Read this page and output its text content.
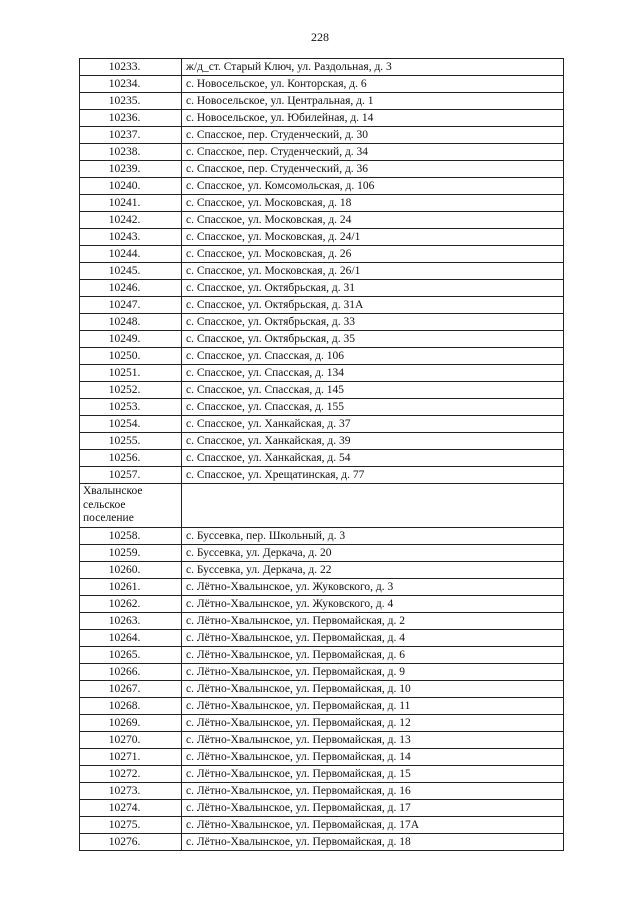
228
10233.	ж/д_ст. Старый Ключ, ул. Раздольная, д. 3
10234.	с. Новосельское, ул. Конторская, д. 6
10235.	с. Новосельское, ул. Центральная, д. 1
10236.	с. Новосельское, ул. Юбилейная, д. 14
10237.	с. Спасское, пер. Студенческий, д. 30
10238.	с. Спасское, пер. Студенческий, д. 34
10239.	с. Спасское, пер. Студенческий, д. 36
10240.	с. Спасское, ул. Комсомольская, д. 106
10241.	с. Спасское, ул. Московская, д. 18
10242.	с. Спасское, ул. Московская, д. 24
10243.	с. Спасское, ул. Московская, д. 24/1
10244.	с. Спасское, ул. Московская, д. 26
10245.	с. Спасское, ул. Московская, д. 26/1
10246.	с. Спасское, ул. Октябрьская, д. 31
10247.	с. Спасское, ул. Октябрьская, д. 31А
10248.	с. Спасское, ул. Октябрьская, д. 33
10249.	с. Спасское, ул. Октябрьская, д. 35
10250.	с. Спасское, ул. Спасская, д. 106
10251.	с. Спасское, ул. Спасская, д. 134
10252.	с. Спасское, ул. Спасская, д. 145
10253.	с. Спасское, ул. Спасская, д. 155
10254.	с. Спасское, ул. Ханкайская, д. 37
10255.	с. Спасское, ул. Ханкайская, д. 39
10256.	с. Спасское, ул. Ханкайская, д. 54
10257.	с. Спасское, ул. Хрещатинская, д. 77
Хвалынское сельское поселение	
10258.	с. Буссевка, пер. Школьный, д. 3
10259.	с. Буссевка, ул. Деркача, д. 20
10260.	с. Буссевка, ул. Деркача, д. 22
10261.	с. Лётно-Хвалынское, ул. Жуковского, д. 3
10262.	с. Лётно-Хвалынское, ул. Жуковского, д. 4
10263.	с. Лётно-Хвалынское, ул. Первомайская, д. 2
10264.	с. Лётно-Хвалынское, ул. Первомайская, д. 4
10265.	с. Лётно-Хвалынское, ул. Первомайская, д. 6
10266.	с. Лётно-Хвалынское, ул. Первомайская, д. 9
10267.	с. Лётно-Хвалынское, ул. Первомайская, д. 10
10268.	с. Лётно-Хвалынское, ул. Первомайская, д. 11
10269.	с. Лётно-Хвалынское, ул. Первомайская, д. 12
10270.	с. Лётно-Хвалынское, ул. Первомайская, д. 13
10271.	с. Лётно-Хвалынское, ул. Первомайская, д. 14
10272.	с. Лётно-Хвалынское, ул. Первомайская, д. 15
10273.	с. Лётно-Хвалынское, ул. Первомайская, д. 16
10274.	с. Лётно-Хвалынское, ул. Первомайская, д. 17
10275.	с. Лётно-Хвалынское, ул. Первомайская, д. 17А
10276.	с. Лётно-Хвалынское, ул. Первомайская, д. 18
